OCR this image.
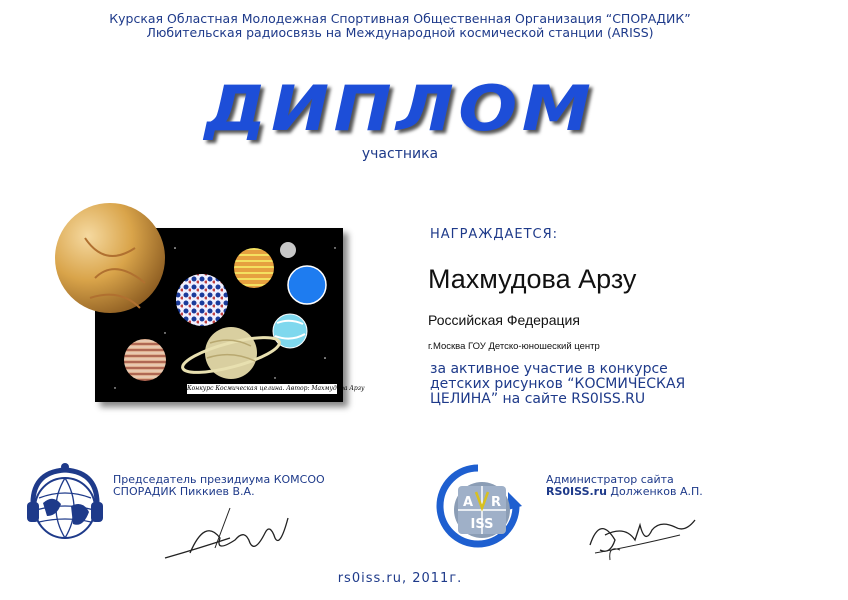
Курская Областная Молодежная Спортивная Общественная Организация “СПОРАДИК”
Любительская радиосвязь на Международной космической станции (ARISS)
ДИПЛОМ
участника
Конкурс Космическая целина. Автор: Махмудова Арзу
НАГРАЖДАЕТСЯ:
Махмудова Арзу
Российская Федерация
г.Москва ГОУ Детско-юношеский центр
за активное участие в конкурсе
детских рисунков “КОСМИЧЕСКАЯ
ЦЕЛИНА” на сайте RS0ISS.RU
Председатель президиума КОМСОО
СПОРАДИК Пиккиев В.А.
A R
ISS
Администратор сайта
RS0ISS.ru Долженков А.П.
rs0iss.ru, 2011г.
